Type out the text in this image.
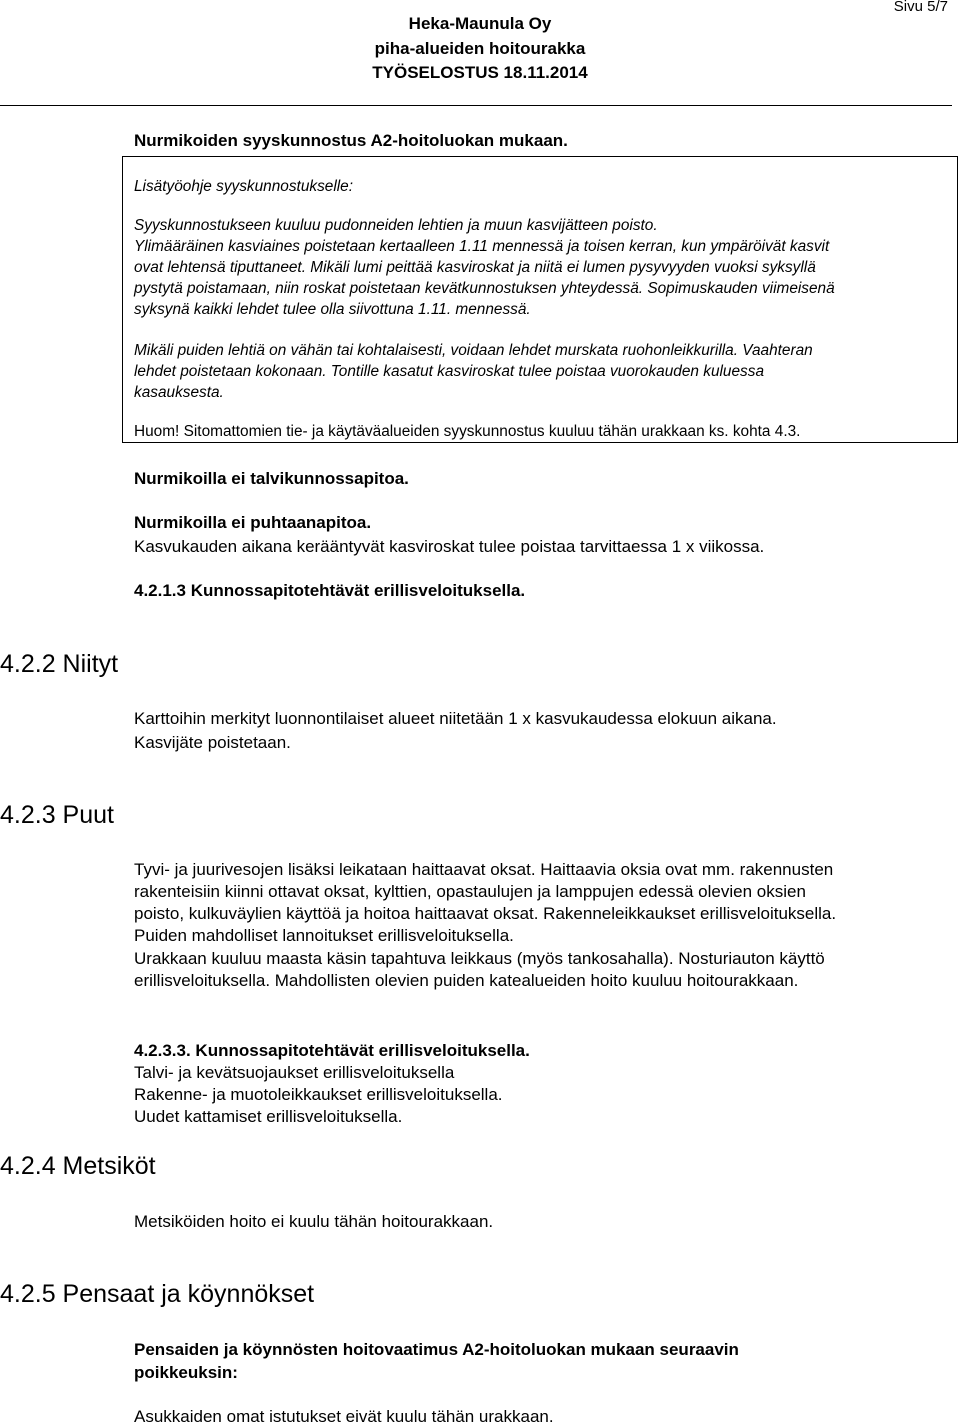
Sivu 5/7
Heka-Maunula Oy
piha-alueiden hoitourakka
TYÖSELOSTUS 18.11.2014
Nurmikoiden syyskunnostus A2-hoitoluokan mukaan.
Lisätyöohje syyskunnostukselle:
Syyskunnostukseen kuuluu pudonneiden lehtien ja muun kasvijätteen poisto.
Ylimääräinen kasviaines poistetaan kertaalleen 1.11 mennessä ja toisen kerran, kun ympäröivät kasvit
ovat lehtensä tiputtaneet. Mikäli lumi peittää kasviroskat ja niitä ei lumen pysyvyyden vuoksi syksyllä
pystytä poistamaan, niin roskat poistetaan kevätkunnostuksen yhteydessä. Sopimuskauden viimeisenä
syksynä kaikki lehdet tulee olla siivottuna 1.11. mennessä.
Mikäli puiden lehtiä on vähän tai kohtalaisesti, voidaan lehdet murskata ruohonleikkurilla. Vaahteran
lehdet poistetaan kokonaan. Tontille kasatut kasviroskat tulee poistaa vuorokauden kuluessa
kasauksesta.
Huom! Sitomattomien tie- ja käytäväalueiden syyskunnostus kuuluu tähän urakkaan ks. kohta 4.3.
Nurmikoilla ei talvikunnossapitoa.
Nurmikoilla ei puhtaanapitoa.
Kasvukauden aikana kerääntyvät kasviroskat tulee poistaa tarvittaessa 1 x viikossa.
4.2.1.3 Kunnossapitotehtävät erillisveloituksella.
4.2.2 Niityt
Karttoihin merkityt luonnontilaiset alueet niitetään 1 x kasvukaudessa elokuun aikana.
Kasvijäte poistetaan.
4.2.3 Puut
Tyvi- ja juurivesojen lisäksi leikataan haittaavat oksat. Haittaavia oksia ovat mm. rakennusten
rakenteisiin kiinni ottavat oksat, kylttien, opastaulujen ja lamppujen edessä olevien oksien
poisto, kulkuväylien käyttöä ja hoitoa haittaavat oksat. Rakenneleikkaukset erillisveloituksella.
Puiden mahdolliset lannoitukset erillisveloituksella.
Urakkaan kuuluu maasta käsin tapahtuva leikkaus (myös tankosahalla). Nosturiauton käyttö
erillisveloituksella. Mahdollisten olevien puiden katealueiden hoito kuuluu hoitourakkaan.
4.2.3.3. Kunnossapitotehtävät erillisveloituksella.
Talvi- ja kevätsuojaukset erillisveloituksella
Rakenne- ja muotoleikkaukset erillisveloituksella.
Uudet kattamiset erillisveloituksella.
4.2.4 Metsiköt
Metsiköiden hoito ei kuulu tähän hoitourakkaan.
4.2.5 Pensaat ja köynnökset
Pensaiden ja köynnösten hoitovaatimus A2-hoitoluokan mukaan seuraavin
poikkeuksin:
Asukkaiden omat istutukset eivät kuulu tähän urakkaan.
